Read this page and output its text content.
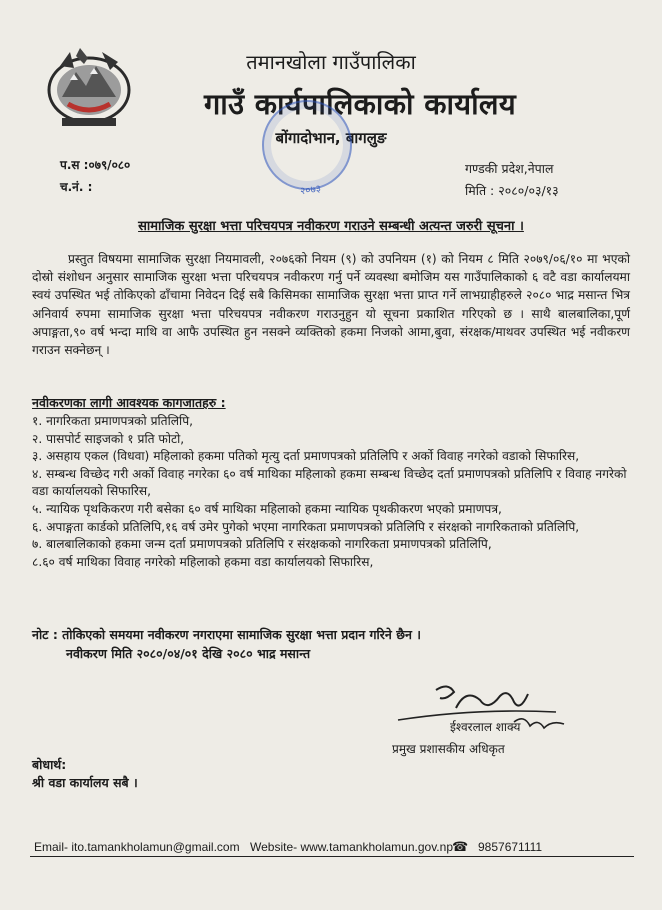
तमानखोला गाउँपालिका
गाउँ कार्यपालिकाको कार्यालय
बोंगादोभान, बागलुङ
२०७३
प.स :०७९/०८०
च.नं. :
गण्डकी प्रदेश,नेपाल
मिति : २०८०/०३/१३
सामाजिक सुरक्षा भत्ता परिचयपत्र नवीकरण गराउने सम्बन्धी अत्यन्त जरुरी सूचना ।
प्रस्तुत विषयमा सामाजिक सुरक्षा नियमावली, २०७६को नियम (९) को उपनियम (१) को नियम ८ मिति २०७९/०६/१० मा भएको दोस्रो संशोधन अनुसार सामाजिक सुरक्षा भत्ता परिचयपत्र नवीकरण गर्नु पर्ने व्यवस्था बमोजिम यस गाउँपालिकाको ६ वटै वडा कार्यालयमा स्वयं उपस्थित भई तोकिएको ढाँचामा निवेदन दिई सबै किसिमका सामाजिक सुरक्षा भत्ता प्राप्त गर्ने लाभग्राहीहरुले २०८० भाद्र मसान्त भित्र अनिवार्य रुपमा सामाजिक सुरक्षा भत्ता परिचयपत्र नवीकरण गराउनुहुन यो सूचना प्रकाशित गरिएको छ । साथै बालबालिका,पूर्ण अपाङ्गता,९० वर्ष भन्दा माथि वा आफै उपस्थित हुन नसक्ने व्यक्तिको हकमा निजको आमा,बुवा, संरक्षक/माथवर उपस्थित भई नवीकरण गराउन सक्नेछन् ।
नवीकरणका लागी आवश्यक कागजातहरु :
१. नागरिकता प्रमाणपत्रको प्रतिलिपि,
२. पासपोर्ट साइजको १ प्रति फोटो,
३. असहाय एकल (विधवा) महिलाको हकमा पतिको मृत्यु दर्ता प्रमाणपत्रको प्रतिलिपि र अर्को विवाह नगरेको वडाको सिफारिस,
४. सम्बन्ध विच्छेद गरी अर्को विवाह नगरेका ६० वर्ष माथिका महिलाको हकमा सम्बन्ध विच्छेद दर्ता प्रमाणपत्रको प्रतिलिपि र विवाह नगरेको वडा कार्यालयको सिफारिस,
५. न्यायिक पृथकिकरण गरी बसेका ६० वर्ष माथिका महिलाको हकमा न्यायिक पृथकीकरण भएको प्रमाणपत्र,
६. अपाङ्गता कार्डको प्रतिलिपि,१६ वर्ष उमेर पुगेको भएमा नागरिकता प्रमाणपत्रको प्रतिलिपि र संरक्षको नागरिकताको प्रतिलिपि,
७. बालबालिकाको हकमा जन्म दर्ता प्रमाणपत्रको प्रतिलिपि र संरक्षकको नागरिकता प्रमाणपत्रको प्रतिलिपि,
८.६० वर्ष माथिका विवाह नगरेको महिलाको हकमा वडा कार्यालयको सिफारिस,
नोट : तोकिएको समयमा नवीकरण नगराएमा सामाजिक सुरक्षा भत्ता प्रदान गरिने छैन ।
नवीकरण मिति २०८०/०४/०१ देखि २०८० भाद्र मसान्त
ईश्वरलाल शाक्य
प्रमुख प्रशासकीय अधिकृत
बोधार्थ:
श्री वडा कार्यालय सबै ।
Email- ito.tamankholamun@gmail.com Website- www.tamankholamun.gov.np ☎ 9857671111
